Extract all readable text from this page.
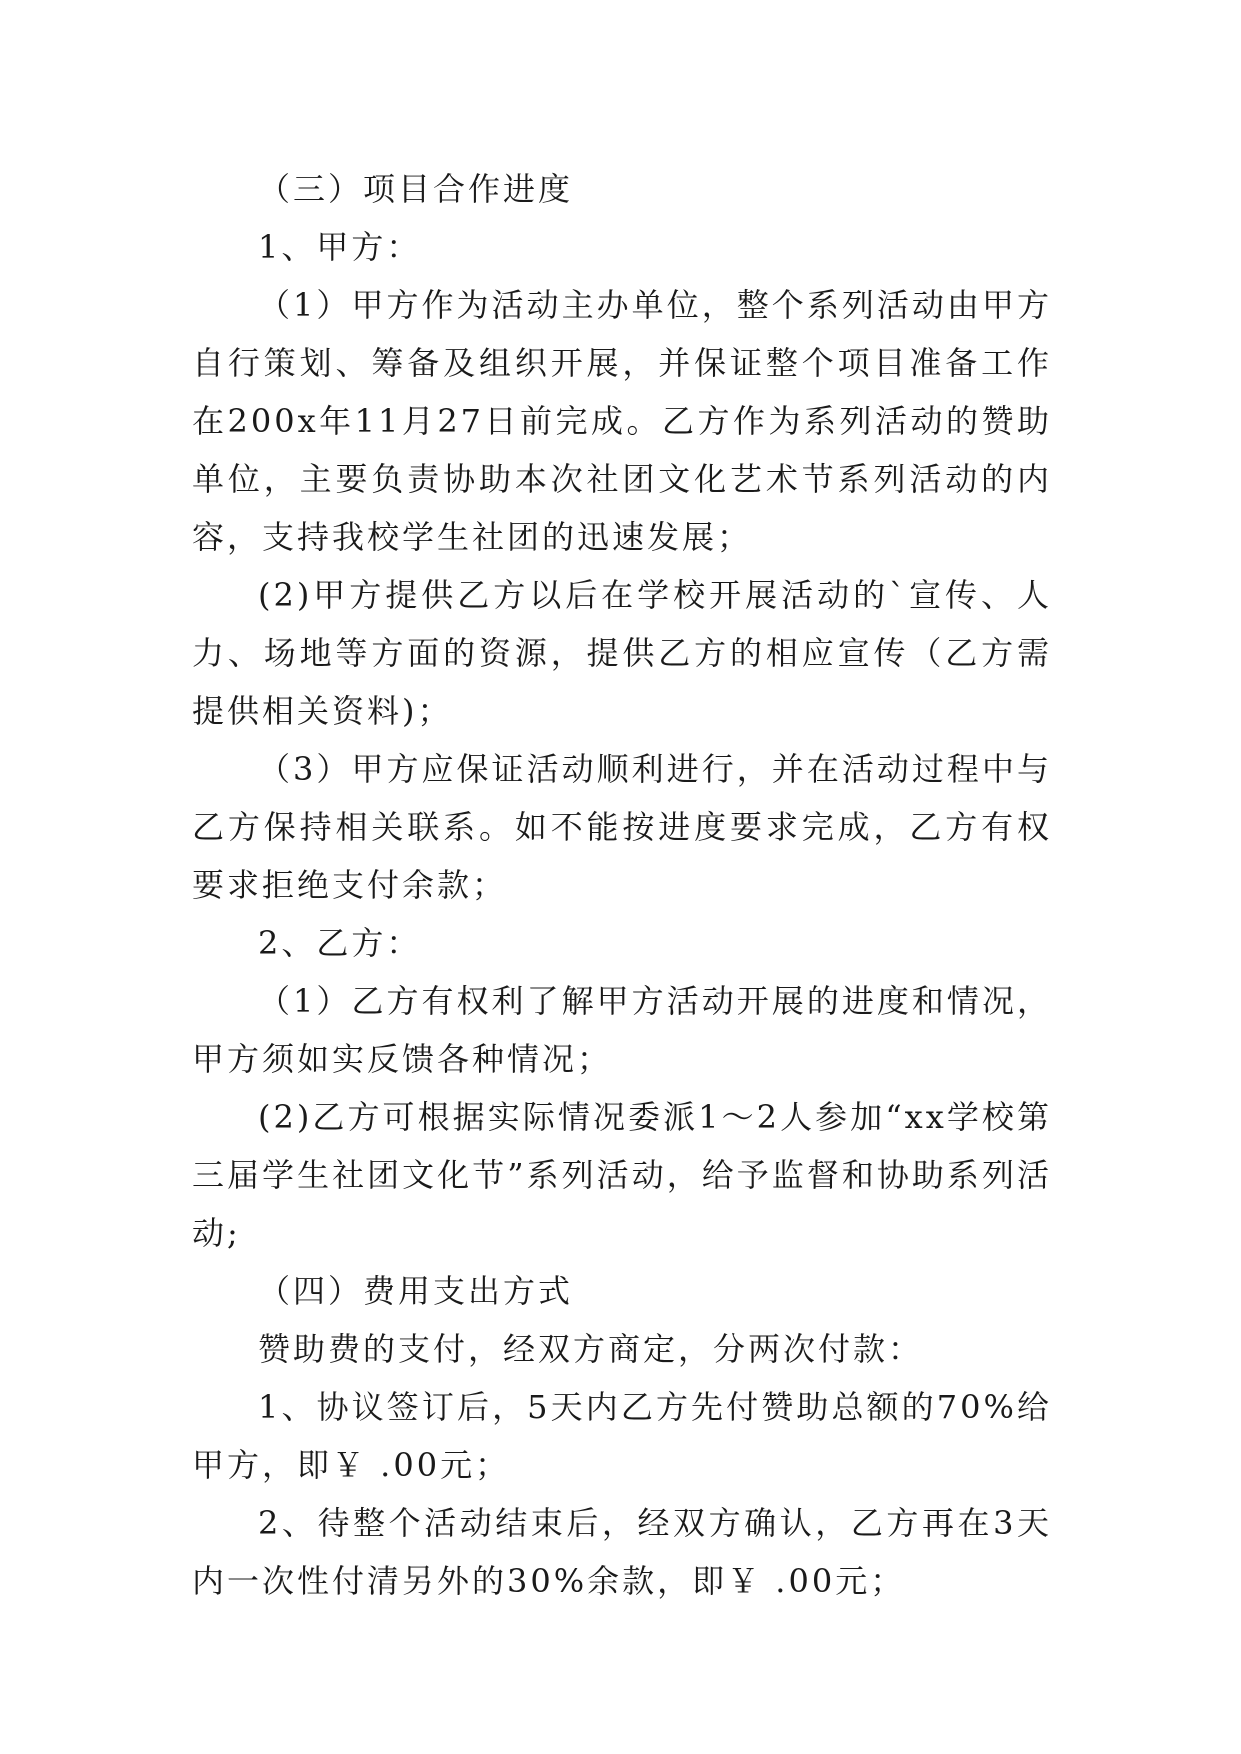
（三）项目合作进度

1、甲方：

（1）甲方作为活动主办单位，整个系列活动由甲方自行策划、筹备及组织开展，并保证整个项目准备工作在200x年11月27日前完成。乙方作为系列活动的赞助单位，主要负责协助本次社团文化艺术节系列活动的内容，支持我校学生社团的迅速发展；

(2)甲方提供乙方以后在学校开展活动的`宣传、人力、场地等方面的资源，提供乙方的相应宣传（乙方需提供相关资料)；

（3）甲方应保证活动顺利进行，并在活动过程中与乙方保持相关联系。如不能按进度要求完成，乙方有权要求拒绝支付余款；

2、乙方：

（1）乙方有权利了解甲方活动开展的进度和情况，甲方须如实反馈各种情况；

(2)乙方可根据实际情况委派1～2人参加“xx学校第三届学生社团文化节”系列活动，给予监督和协助系列活动;

（四）费用支出方式

赞助费的支付，经双方商定，分两次付款：

1、协议签订后，5天内乙方先付赞助总额的70%给甲方，即￥ .00元；

2、待整个活动结束后，经双方确认，乙方再在3天内一次性付清另外的30%余款，即￥ .00元；
